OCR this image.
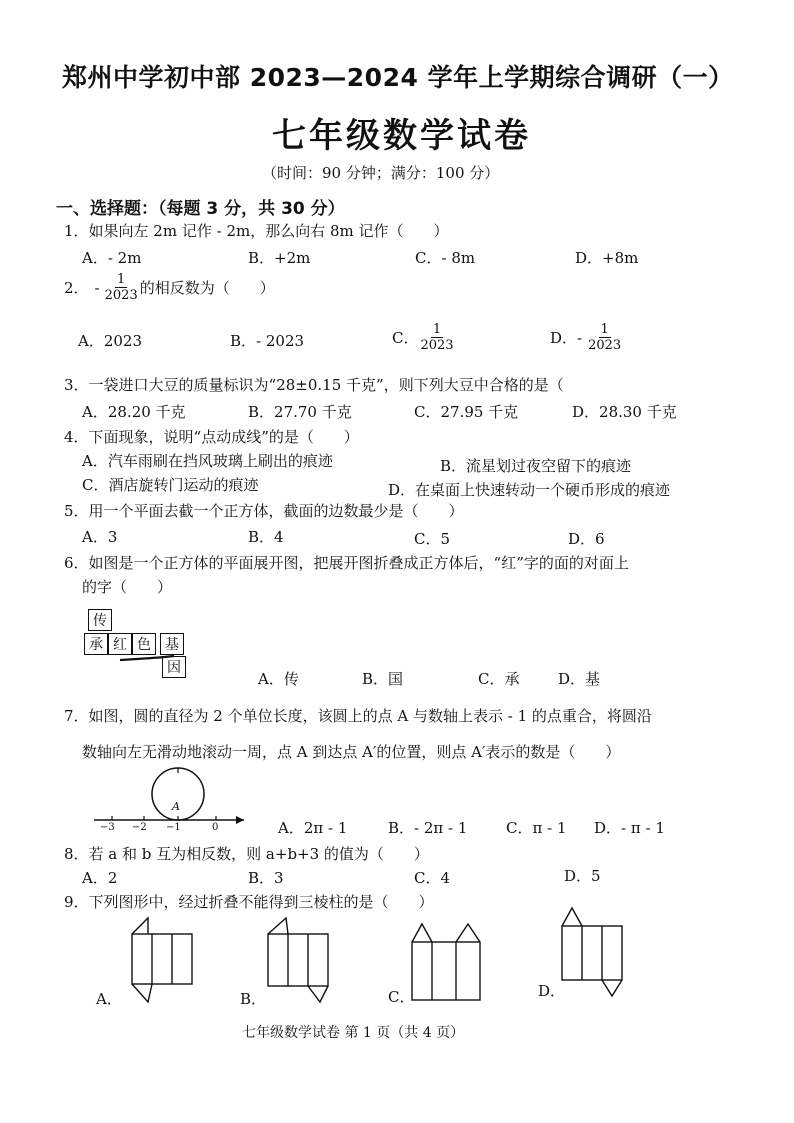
郑州中学初中部 2023—2024 学年上学期综合调研（一）
七年级数学试卷
（时间：90 分钟；满分：100 分）
一、选择题：（每题 3 分，共 30 分）
1．如果向左 2m 记作 - 2m，那么向右 8m 记作（　　）
A．- 2m	B．+2m	C．- 8m	D．+8m
2． - $\frac{1}{2023}$ 的相反数为（　　）
A．2023	B．- 2023	C． $\frac{1}{2023}$	D．- $\frac{1}{2023}$
3．一袋进口大豆的质量标识为“28±0.15 千克”，则下列大豆中合格的是（
A．28.20 千克	B．27.70 千克	C．27.95 千克	D．28.30 千克
4．下面现象，说明“点动成线”的是（　　）
A．汽车雨刷在挡风玻璃上刷出的痕迹	B．流星划过夜空留下的痕迹
C．酒店旋转门运动的痕迹	D．在桌面上快速转动一个硬币形成的痕迹
5．用一个平面去截一个正方体，截面的边数最少是（　　）
A．3	B．4	C．5	D．6
6．如图是一个正方体的平面展开图，把展开图折叠成正方体后，“红”字的面的对面上
的字（　　）
传
承 红 色	基
因
A．传	B．国	C．承	D．基
7．如图，圆的直径为 2 个单位长度，该圆上的点 A 与数轴上表示 - 1 的点重合，将圆沿
数轴向左无滑动地滚动一周，点 A 到达点 A′的位置，则点 A′表示的数是（　　）
A
−3 −2 −1	0	A．2π - 1	B．- 2π - 1	C．π - 1 D．- π - 1
8．若 a 和 b 互为相反数，则 a+b+3 的值为（　　）
A．2	B．3	C．4	D．5
9．下列图形中，经过折叠不能得到三棱柱的是（　　）
A．	B．	C．	D．
七年级数学试卷 第 1 页（共 4 页）
